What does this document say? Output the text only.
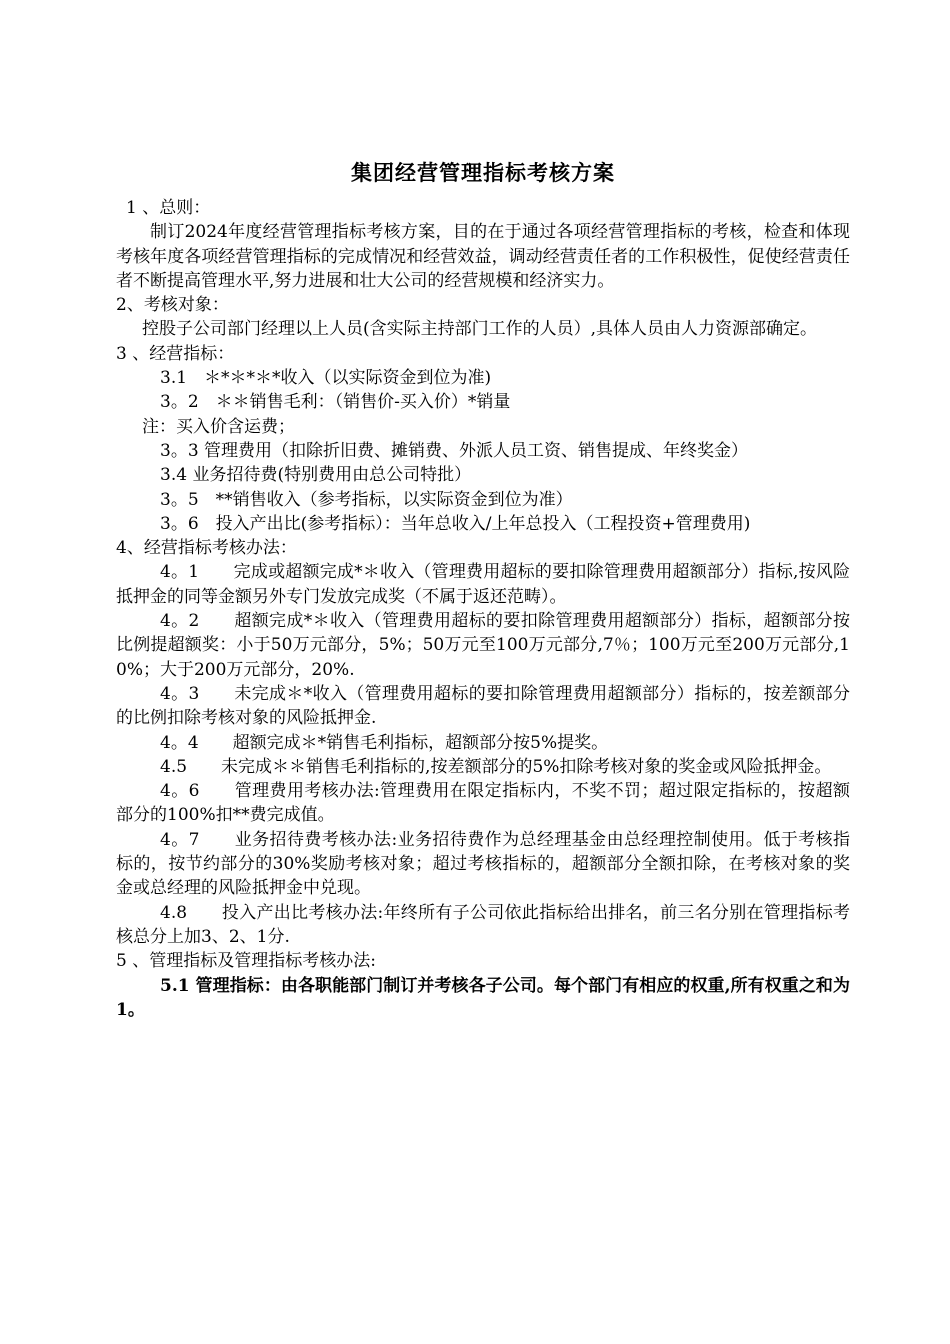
集团经营管理指标考核方案

1 、总则：

制订2024年度经营管理指标考核方案，目的在于通过各项经营管理指标的考核，检查和体现考核年度各项经营管理指标的完成情况和经营效益，调动经营责任者的工作积极性，促使经营责任者不断提高管理水平,努力进展和壮大公司的经营规模和经济实力。

2、考核对象：

控股子公司部门经理以上人员(含实际主持部门工作的人员）,具体人员由人力资源部确定。

3 、经营指标：

3.1　＊*＊*＊*收入（以实际资金到位为准)

3。2　＊＊销售毛利：（销售价-买入价）*销量

注：买入价含运费；

3。3 管理费用（扣除折旧费、摊销费、外派人员工资、销售提成、年终奖金）

3.4 业务招待费(特别费用由总公司特批）

3。5　**销售收入（参考指标，以实际资金到位为准）

3。6　投入产出比(参考指标）：当年总收入/上年总投入（工程投资+管理费用)

4、经营指标考核办法：

4。1　　完成或超额完成*＊收入（管理费用超标的要扣除管理费用超额部分）指标,按风险抵押金的同等金额另外专门发放完成奖（不属于返还范畴）。

4。2　　超额完成*＊收入（管理费用超标的要扣除管理费用超额部分）指标，超额部分按比例提超额奖：小于50万元部分，5%；50万元至100万元部分,7％；100万元至200万元部分,10%；大于200万元部分，20%.

4。3　　未完成＊*收入（管理费用超标的要扣除管理费用超额部分）指标的，按差额部分的比例扣除考核对象的风险抵押金.

4。4　　超额完成＊*销售毛利指标，超额部分按5%提奖。

4.5　　未完成＊＊销售毛利指标的,按差额部分的5%扣除考核对象的奖金或风险抵押金。

4。6　　管理费用考核办法:管理费用在限定指标内，不奖不罚；超过限定指标的，按超额部分的100%扣**费完成值。

4。7　　业务招待费考核办法:业务招待费作为总经理基金由总经理控制使用。低于考核指标的，按节约部分的30%奖励考核对象；超过考核指标的，超额部分全额扣除，在考核对象的奖金或总经理的风险抵押金中兑现。

4.8　　投入产出比考核办法:年终所有子公司依此指标给出排名，前三名分别在管理指标考核总分上加3、2、1分.

5 、管理指标及管理指标考核办法:

5.1 管理指标：由各职能部门制订并考核各子公司。每个部门有相应的权重,所有权重之和为1。
